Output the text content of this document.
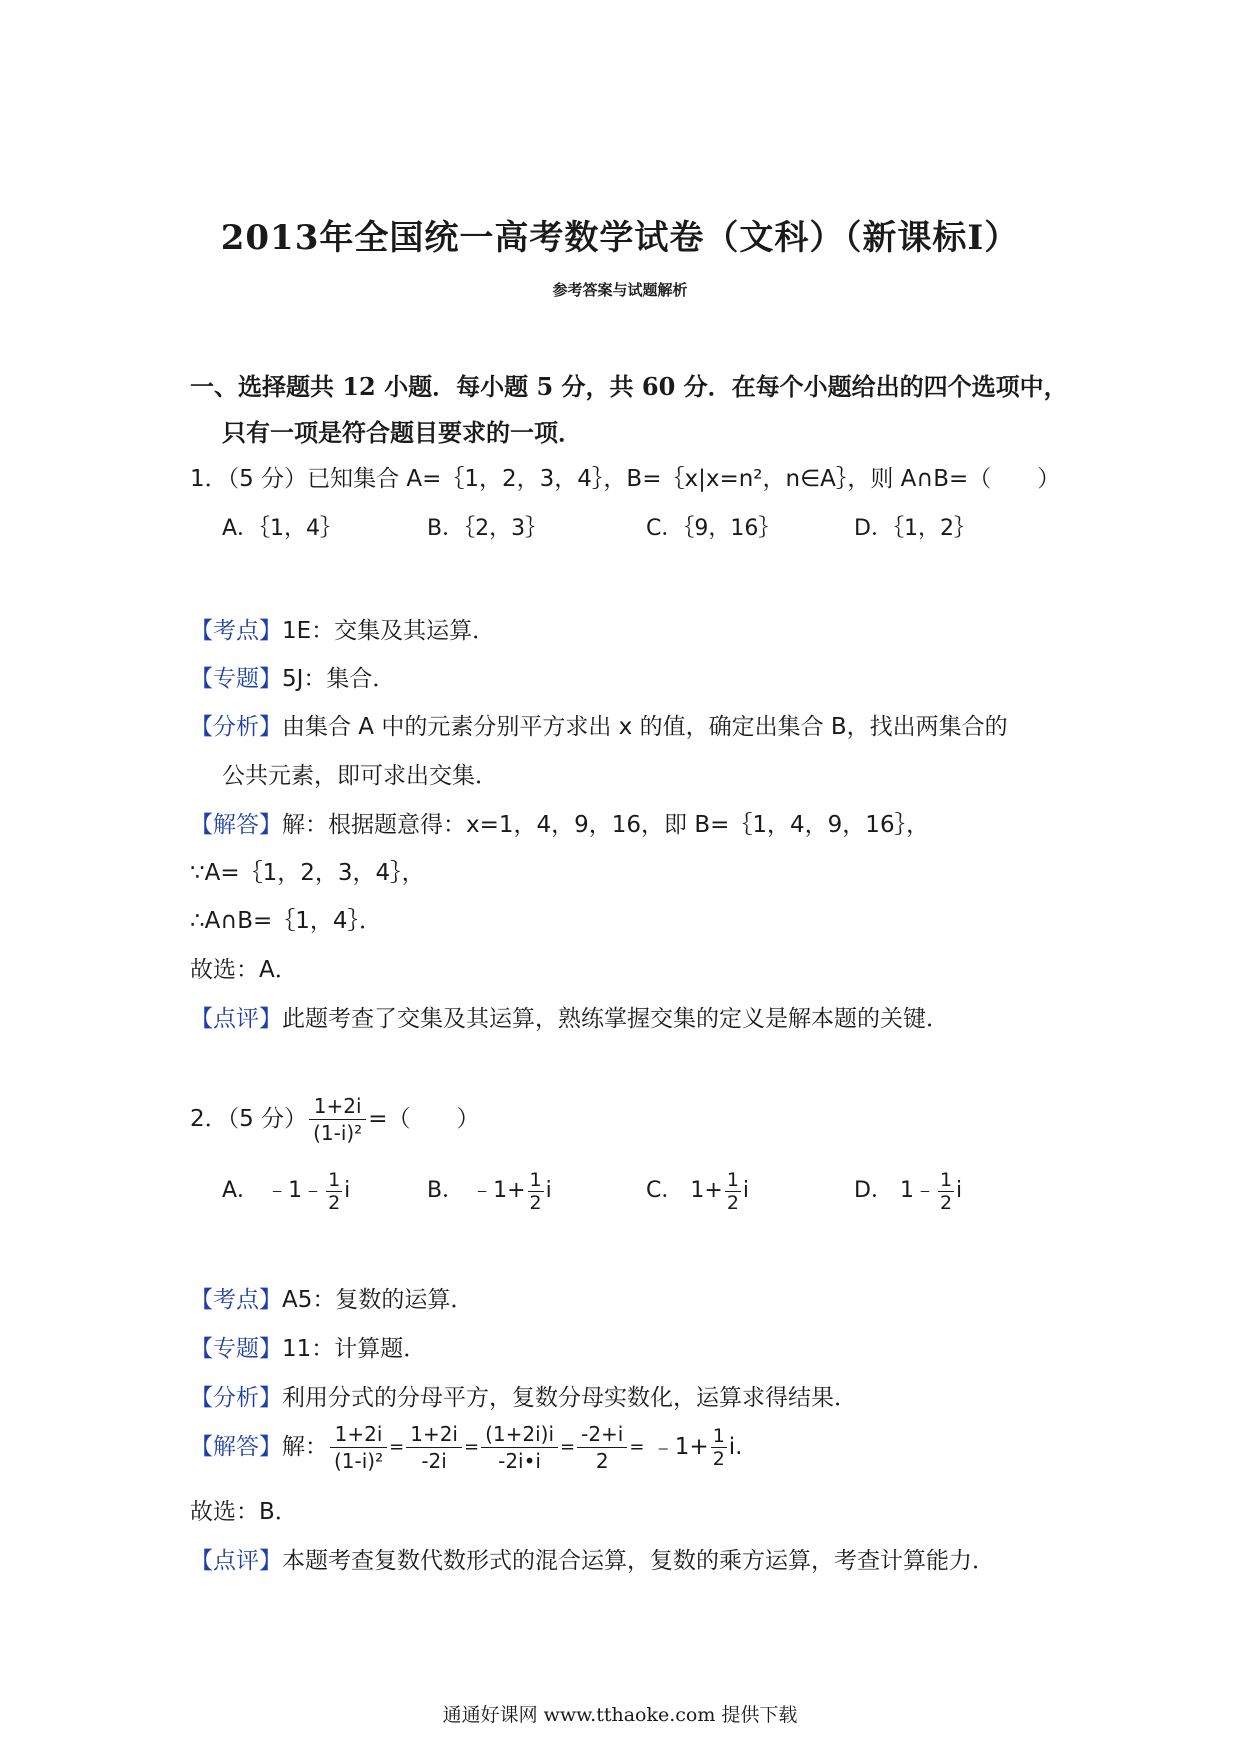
2013年全国统一高考数学试卷（文科）（新课标Ⅰ）
参考答案与试题解析
一、选择题共 12 小题．每小题 5 分，共 60 分．在每个小题给出的四个选项中，
只有一项是符合题目要求的一项．
1．（5 分）已知集合 A=｛1，2，3，4｝，B=｛x|x=n²，n∈A｝，则 A∩B=（　　）
A．｛1，4｝	B．｛2，3｝	C．｛9，16｝	D．｛1，2｝
【考点】1E：交集及其运算．
【专题】5J：集合．
【分析】由集合 A 中的元素分别平方求出 x 的值，确定出集合 B，找出两集合的
公共元素，即可求出交集．
【解答】解：根据题意得：x=1，4，9，16，即 B=｛1，4，9，16｝，
∵A=｛1，2，3，4｝，
∴A∩B=｛1，4｝．
故选：A．
【点评】此题考查了交集及其运算，熟练掌握交集的定义是解本题的关键．
2．（5 分） $\frac{1+2i}{\text{(1-i)²}}$ =（　　）
A． ﹣1﹣ $\frac{1}{2}$ i	B． ﹣1+ $\frac{1}{2}$ i	C． $1+ \frac{1}{2}$ i	D． 1﹣ $\frac{1}{2}$ i
【考点】A5：复数的运算．
【专题】11：计算题．
【分析】利用分式的分母平方，复数分母实数化，运算求得结果．
【解答】解： $\frac{1+2i}{\text{(1-i)²}} = \frac{1+2i}{-2i} = \frac{(1+2i)i}{-2i•i} = \frac{-2+i}{2}$ = ﹣1+ $\frac{1}{2} i$.
故选：B．
【点评】本题考查复数代数形式的混合运算，复数的乘方运算，考查计算能力．
通通好课网 www.tthaoke.com 提供下载
